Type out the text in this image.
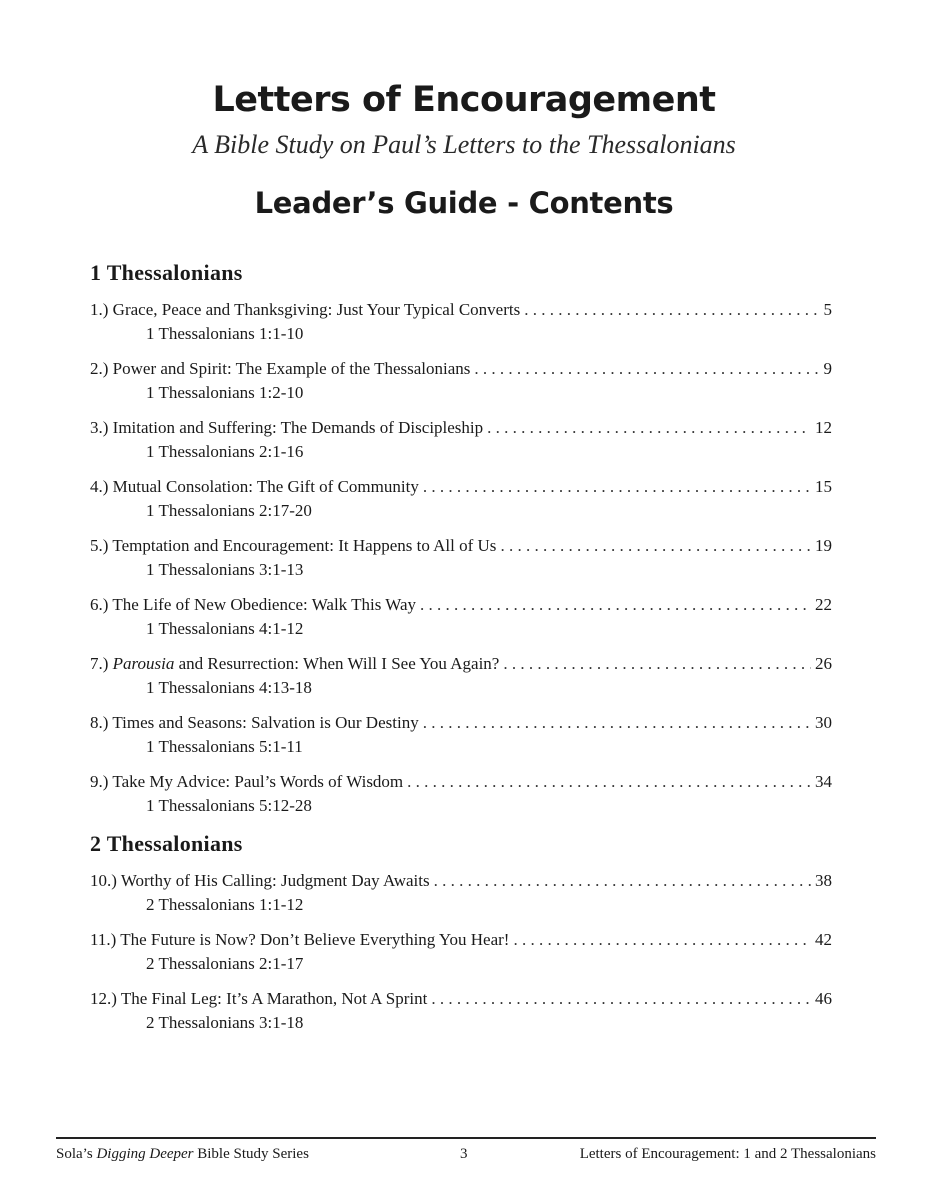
Letters of Encouragement
A Bible Study on Paul’s Letters to the Thessalonians
Leader’s Guide - Contents
1 Thessalonians
1.) Grace, Peace and Thanksgiving: Just Your Typical Converts . . .	5
1 Thessalonians 1:1-10
2.) Power and Spirit: The Example of the Thessalonians . . .	9
1 Thessalonians 1:2-10
3.) Imitation and Suffering: The Demands of Discipleship . . .	12
1 Thessalonians 2:1-16
4.) Mutual Consolation: The Gift of Community . . .	15
1 Thessalonians 2:17-20
5.) Temptation and Encouragement: It Happens to All of Us . . .	19
1 Thessalonians 3:1-13
6.) The Life of New Obedience: Walk This Way . . .	22
1 Thessalonians 4:1-12
7.) Parousia and Resurrection: When Will I See You Again? . . .	26
1 Thessalonians 4:13-18
8.) Times and Seasons: Salvation is Our Destiny . . .	30
1 Thessalonians 5:1-11
9.) Take My Advice: Paul’s Words of Wisdom . . .	34
1 Thessalonians 5:12-28
2 Thessalonians
10.) Worthy of His Calling: Judgment Day Awaits . . .	38
2 Thessalonians 1:1-12
11.) The Future is Now? Don’t Believe Everything You Hear! . . .	42
2 Thessalonians 2:1-17
12.) The Final Leg: It’s A Marathon, Not A Sprint . . .	46
2 Thessalonians 3:1-18
Sola’s Digging Deeper Bible Study Series	3	Letters of Encouragement: 1 and 2 Thessalonians
